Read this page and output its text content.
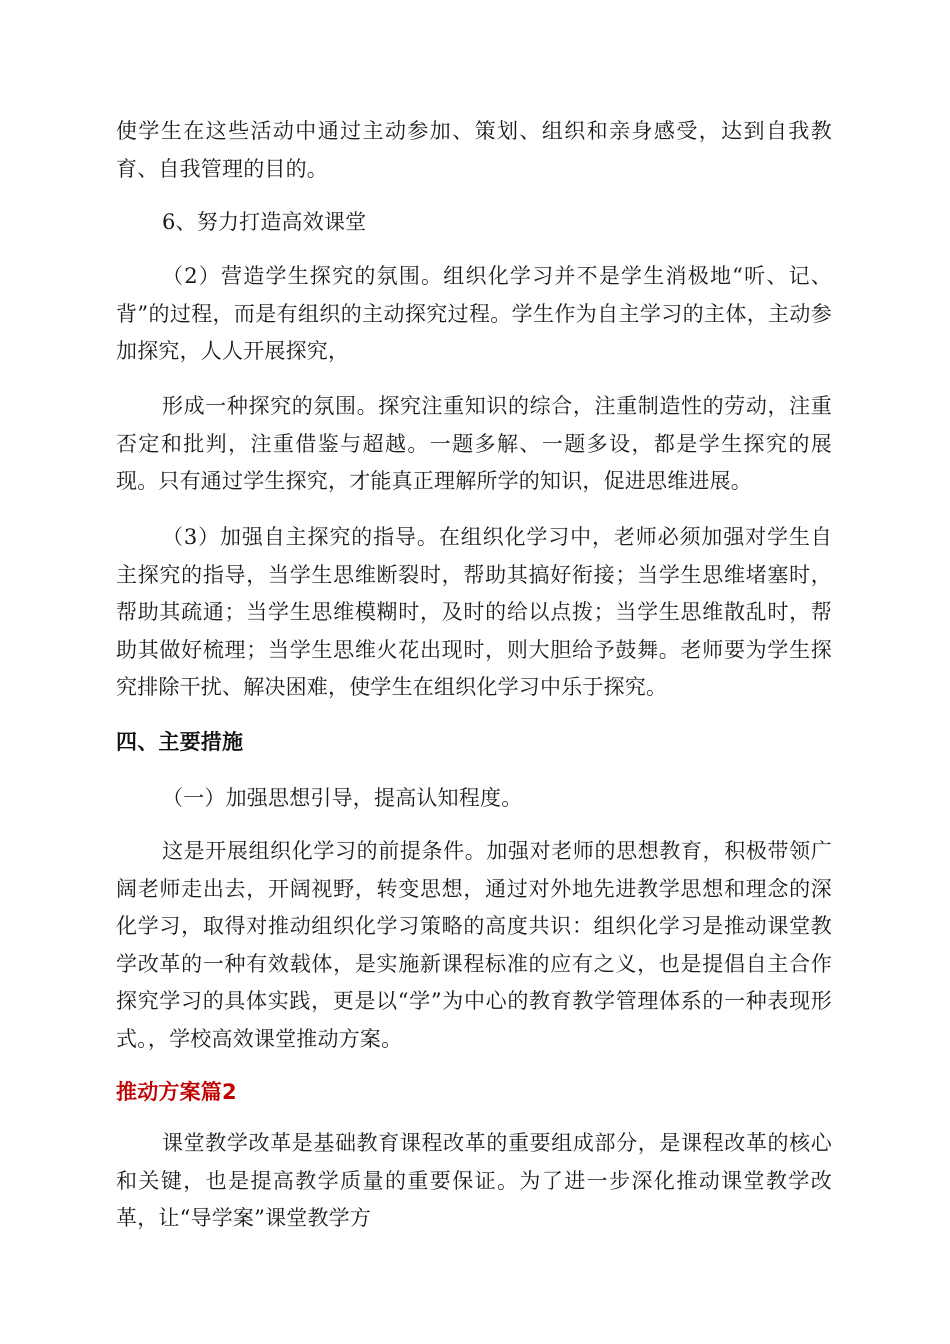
使学生在这些活动中通过主动参加、策划、组织和亲身感受，达到自我教育、自我管理的目的。

6、努力打造高效课堂

（2）营造学生探究的氛围。组织化学习并不是学生消极地“听、记、背”的过程，而是有组织的主动探究过程。学生作为自主学习的主体，主动参加探究，人人开展探究，

形成一种探究的氛围。探究注重知识的综合，注重制造性的劳动，注重否定和批判，注重借鉴与超越。一题多解、一题多设，都是学生探究的展现。只有通过学生探究，才能真正理解所学的知识，促进思维进展。

（3）加强自主探究的指导。在组织化学习中，老师必须加强对学生自主探究的指导，当学生思维断裂时，帮助其搞好衔接；当学生思维堵塞时，帮助其疏通；当学生思维模糊时，及时的给以点拨；当学生思维散乱时，帮助其做好梳理；当学生思维火花出现时，则大胆给予鼓舞。老师要为学生探究排除干扰、解决困难，使学生在组织化学习中乐于探究。

四、主要措施

（一）加强思想引导，提高认知程度。

这是开展组织化学习的前提条件。加强对老师的思想教育，积极带领广阔老师走出去，开阔视野，转变思想，通过对外地先进教学思想和理念的深化学习，取得对推动组织化学习策略的高度共识：组织化学习是推动课堂教学改革的一种有效载体，是实施新课程标准的应有之义，也是提倡自主合作探究学习的具体实践，更是以“学”为中心的教育教学管理体系的一种表现形式。，学校高效课堂推动方案。

推动方案篇2

课堂教学改革是基础教育课程改革的重要组成部分，是课程改革的核心和关键，也是提高教学质量的重要保证。为了进一步深化推动课堂教学改革，让“导学案”课堂教学方
